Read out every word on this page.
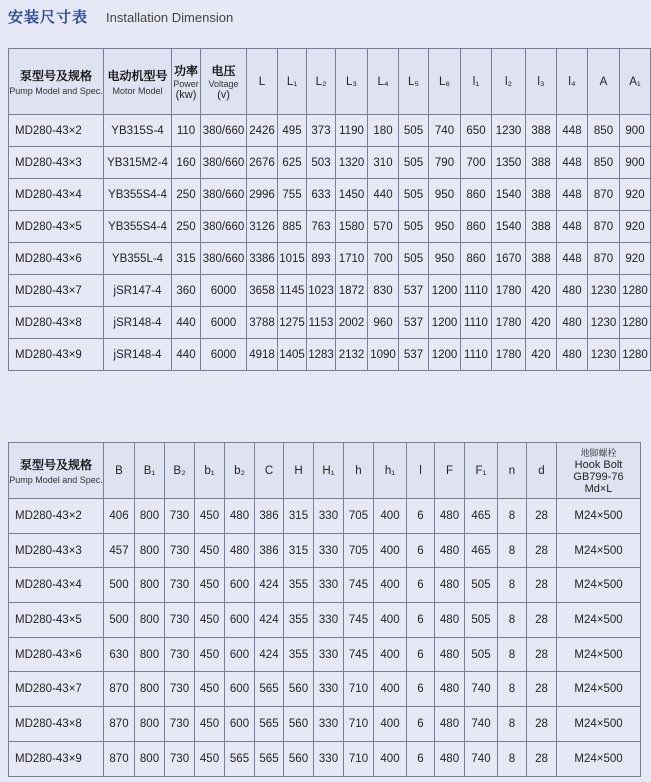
安装尺寸表 Installation Dimension
泵型号及规格
Pump Model and Spec.	电动机型号
Motor Model	功率
Power
(kw)	电压
Voltage
(v)	L	L₁	L₂	L₃	L₄	L₅	L₆	l₁	l₂	l₃	l₄	A	A₁
MD280-43×2	YB315S-4	110	380/660	2426	495	373	1190	180	505	740	650	1230	388	448	850	900
MD280-43×3	YB315M2-4	160	380/660	2676	625	503	1320	310	505	790	700	1350	388	448	850	900
MD280-43×4	YB355S4-4	250	380/660	2996	755	633	1450	440	505	950	860	1540	388	448	870	920
MD280-43×5	YB355S4-4	250	380/660	3126	885	763	1580	570	505	950	860	1540	388	448	870	920
MD280-43×6	YB355L-4	315	380/660	3386	1015	893	1710	700	505	950	860	1670	388	448	870	920
MD280-43×7	jSR147-4	360	6000	3658	1145	1023	1872	830	537	1200	1110	1780	420	480	1230	1280
MD280-43×8	jSR148-4	440	6000	3788	1275	1153	2002	960	537	1200	1110	1780	420	480	1230	1280
MD280-43×9	jSR148-4	440	6000	4918	1405	1283	2132	1090	537	1200	1110	1780	420	480	1230	1280
泵型号及规格
Pump Model and Spec.	B	B₁	B₂	b₁	b₂	C	H	H₁	h	h₁	l	F	F₁	n	d	地脚螺栓
Hook Bolt
GB799-76
Md×L

MD280-43×2	406	800	730	450	480	386	315	330	705	400	6	480	465	8	28	M24×500
MD280-43×3	457	800	730	450	480	386	315	330	705	400	6	480	465	8	28	M24×500
MD280-43×4	500	800	730	450	600	424	355	330	745	400	6	480	505	8	28	M24×500
MD280-43×5	500	800	730	450	600	424	355	330	745	400	6	480	505	8	28	M24×500
MD280-43×6	630	800	730	450	600	424	355	330	745	400	6	480	505	8	28	M24×500
MD280-43×7	870	800	730	450	600	565	560	330	710	400	6	480	740	8	28	M24×500
MD280-43×8	870	800	730	450	600	565	560	330	710	400	6	480	740	8	28	M24×500
MD280-43×9	870	800	730	450	565	565	560	330	710	400	6	480	740	8	28	M24×500
